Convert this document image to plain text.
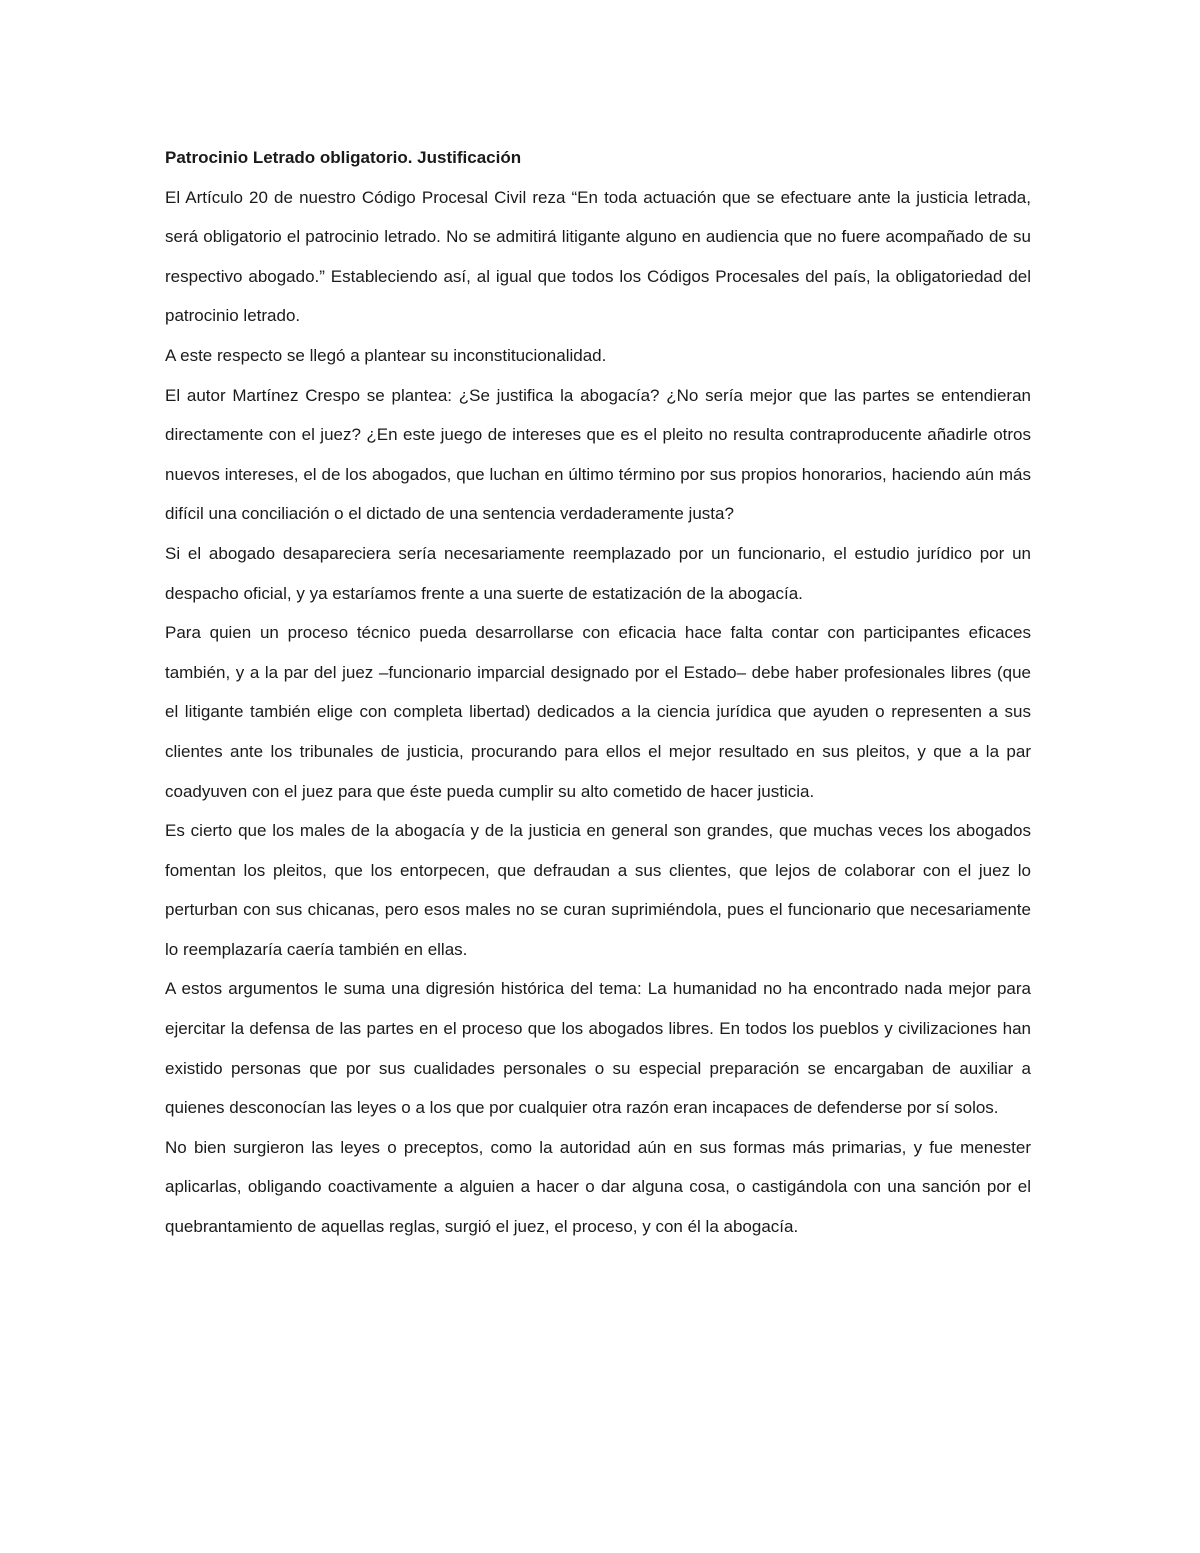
Patrocinio Letrado obligatorio. Justificación

El Artículo 20 de nuestro Código Procesal Civil reza “En toda actuación que se efectuare ante la justicia letrada, será obligatorio el patrocinio letrado. No se admitirá litigante alguno en audiencia que no fuere acompañado de su respectivo abogado.” Estableciendo así, al igual que todos los Códigos Procesales del país, la obligatoriedad del patrocinio letrado.

A este respecto se llegó a plantear su inconstitucionalidad.

El autor Martínez Crespo se plantea: ¿Se justifica la abogacía? ¿No sería mejor que las partes se entendieran directamente con el juez? ¿En este juego de intereses que es el pleito no resulta contraproducente añadirle otros nuevos intereses, el de los abogados, que luchan en último término por sus propios honorarios, haciendo aún más difícil una conciliación o el dictado de una sentencia verdaderamente justa?

Si el abogado desapareciera sería necesariamente reemplazado por un funcionario, el estudio jurídico por un despacho oficial, y ya estaríamos frente a una suerte de estatización de la abogacía.

Para quien un proceso técnico pueda desarrollarse con eficacia hace falta contar con participantes eficaces también, y a la par del juez –funcionario imparcial designado por el Estado– debe haber profesionales libres (que el litigante también elige con completa libertad) dedicados a la ciencia jurídica que ayuden o representen a sus clientes ante los tribunales de justicia, procurando para ellos el mejor resultado en sus pleitos, y que a la par coadyuven con el juez para que éste pueda cumplir su alto cometido de hacer justicia.

Es cierto que los males de la abogacía y de la justicia en general son grandes, que muchas veces los abogados fomentan los pleitos, que los entorpecen, que defraudan a sus clientes, que lejos de colaborar con el juez lo perturban con sus chicanas, pero esos males no se curan suprimiéndola, pues el funcionario que necesariamente lo reemplazaría caería también en ellas.

A estos argumentos le suma una digresión histórica del tema: La humanidad no ha encontrado nada mejor para ejercitar la defensa de las partes en el proceso que los abogados libres. En todos los pueblos y civilizaciones han existido personas que por sus cualidades personales o su especial preparación se encargaban de auxiliar a quienes desconocían las leyes o a los que por cualquier otra razón eran incapaces de defenderse por sí solos.

No bien surgieron las leyes o preceptos, como la autoridad aún en sus formas más primarias, y fue menester aplicarlas, obligando coactivamente a alguien a hacer o dar alguna cosa, o castigándola con una sanción por el quebrantamiento de aquellas reglas, surgió el juez, el proceso, y con él la abogacía.
